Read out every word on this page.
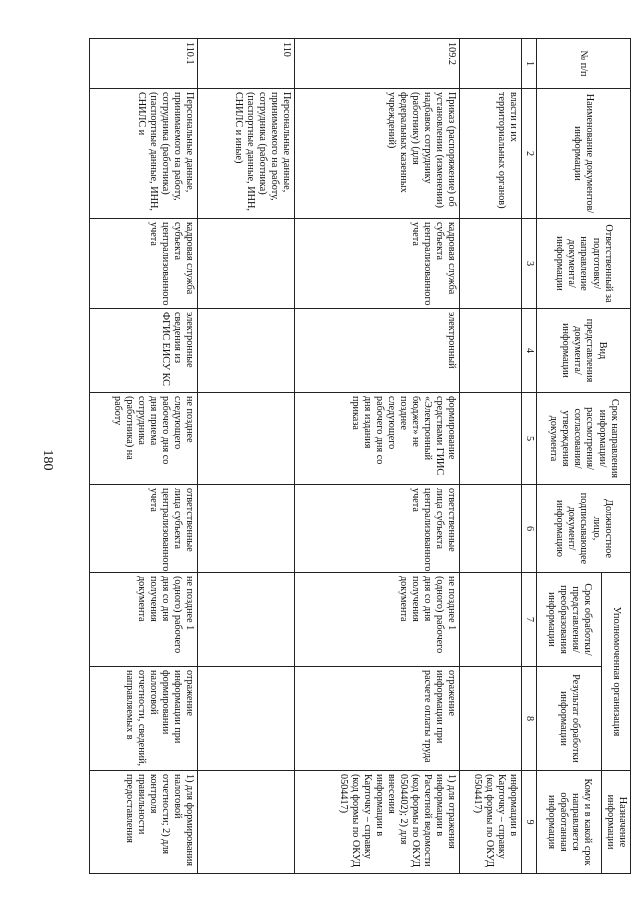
180
№ п/п	Наименование документов/ информации	Ответственный за подготовку/ направление документа/ информации	Вид представления документа/ информации	Срок направления информации/ рассмотрения/ согласования/ утверждения документа	Должностное лицо, подписывающее документ/ информацию	Уполномоченная организация		Назначение информации
						Срок обработки/ представления/ преобразования информации	Результат обработки информации	Кому и в какой срок направляется обработанная информация
1	2	3	4	5	6	7	8	9
	власти и их территориальных органов)							информации в Карточку – справку (код формы по ОКУД 0504417)
109.2	Приказ (распоряжение) об установлении (изменении) надбавок сотруднику (работнику) (для федеральных казенных учреждений)	кадровая служба субъекта централизованного учета	электронный	формирование средствами ГИИС «Электронный бюджет» не позднее следующего рабочего дня со дня издания приказа	ответственные лица субъекта централизованного учета	не позднее 1 (одного) рабочего дня со дня получения документа	отражение информации при расчете оплаты труда	1) для отражения информации в Расчетной ведомости (код формы по ОКУД 0504402); 2) для внесения информации в Карточку – справку (код формы по ОКУД 0504417)
110	Персональные данные, принимаемого на работу, сотрудника (работника) (паспортные данные, ИНН, СНИЛС и иные)							
110.1	Персональные данные, принимаемого на работу, сотрудника (работника) (паспортные данные, ИНН, СНИЛС и	кадровая служба субъекта централизованного учета	электронные сведения из ФГИС ЕИСУ КС	не позднее следующего рабочего дня со дня приема сотрудника (работника) на работу	ответственные лица субъекта централизованного учета	не позднее 1 (одного) рабочего дня со дня получения документа	отражение информации при формировании налоговой отчетности, сведений, направляемых в	1) для формирования налоговой отчетности; 2) для контроля правильности предоставления
